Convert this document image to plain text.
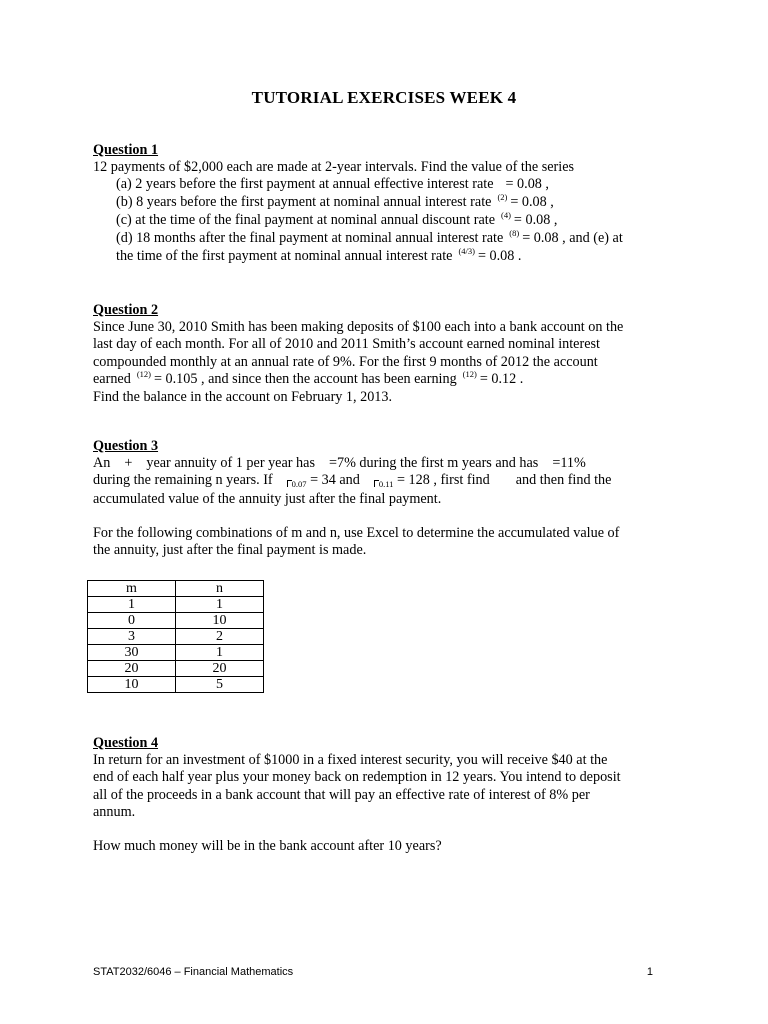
TUTORIAL EXERCISES WEEK 4
Question 1
12 payments of $2,000 each are made at 2-year intervals. Find the value of the series
(a) 2 years before the first payment at annual effective interest rate = 0.08 ,
(b) 8 years before the first payment at nominal annual interest rate $^{(2)}$ = 0.08 ,
(c) at the time of the final payment at nominal annual discount rate $^{(4)}$ = 0.08 ,
(d) 18 months after the final payment at nominal annual interest rate $^{(8)}$ = 0.08 , and (e) at
the time of the first payment at nominal annual interest rate $^{(4/3)}$ = 0.08 .
Question 2
Since June 30, 2010 Smith has been making deposits of $100 each into a bank account on the
last day of each month. For all of 2010 and 2011 Smith’s account earned nominal interest
compounded monthly at an annual rate of 9%. For the first 9 months of 2012 the account
earned $^{(12)}$ = 0.105 , and since then the account has been earning $^{(12)}$ = 0.12 .
Find the balance in the account on February 1, 2013.
Question 3
An + year annuity of 1 per year has =7% during the first m years and has =11%
during the remaining n years. If $_{0.07}$ = 34 and $_{0.11}$ = 128 , first find and then find the
accumulated value of the annuity just after the final payment.
For the following combinations of m and n, use Excel to determine the accumulated value of
the annuity, just after the final payment is made.
m	n
1	1
0	10
3	2
30	1
20	20
10	5
Question 4
In return for an investment of $1000 in a fixed interest security, you will receive $40 at the
end of each half year plus your money back on redemption in 12 years. You intend to deposit
all of the proceeds in a bank account that will pay an effective rate of interest of 8% per
annum.
How much money will be in the bank account after 10 years?
STAT2032/6046 – Financial Mathematics	1
